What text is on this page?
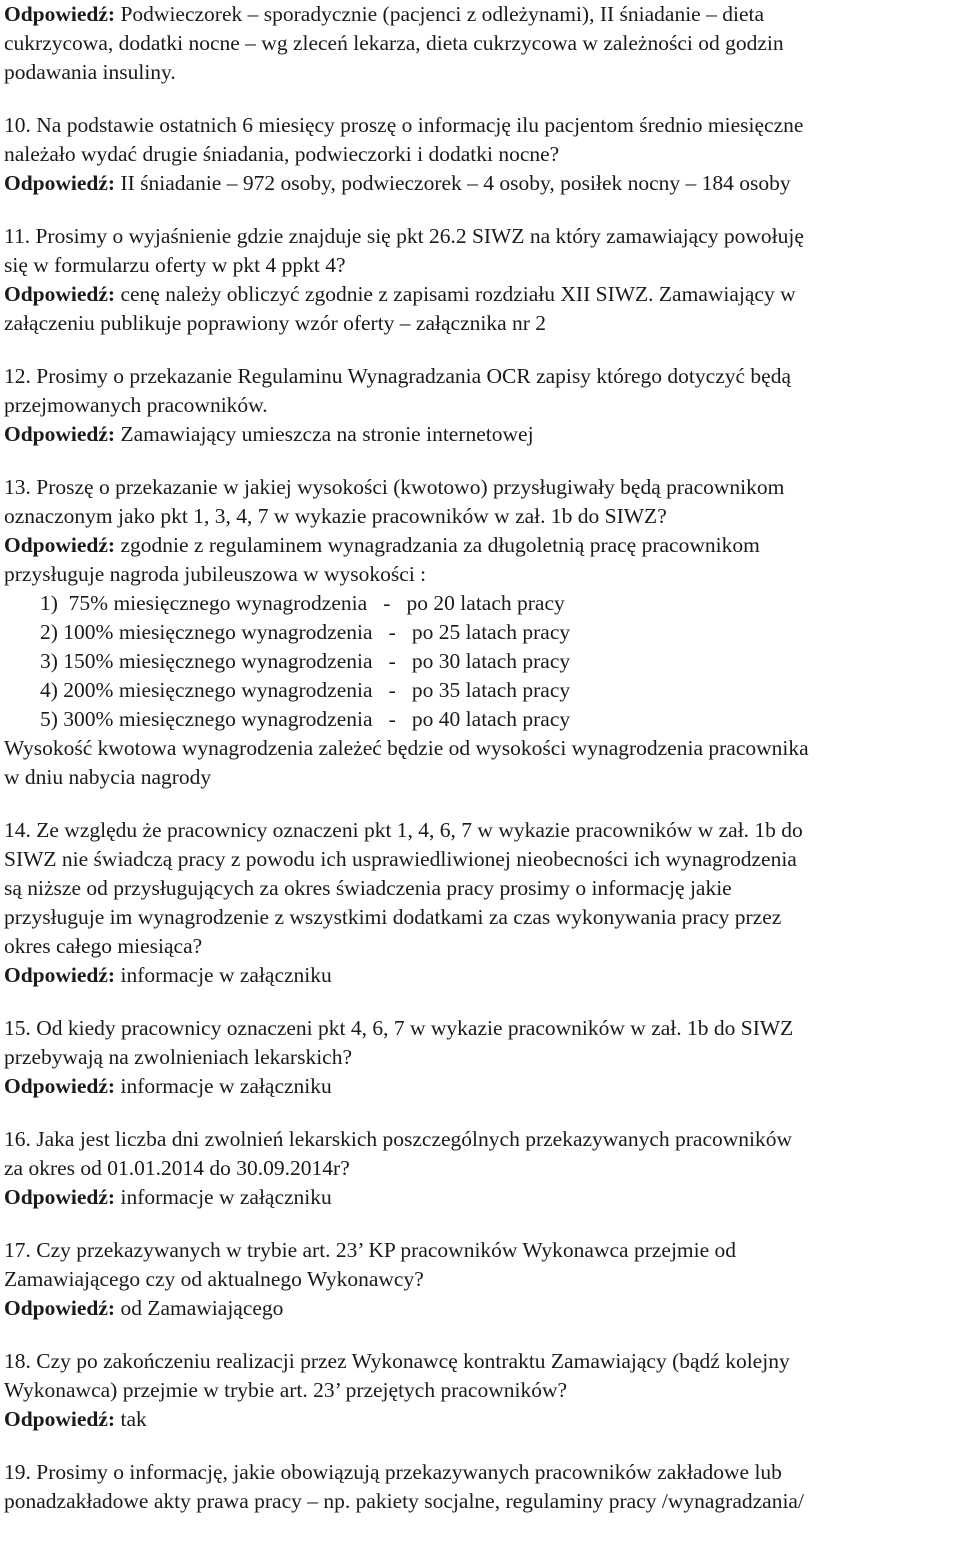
Odpowiedź: Podwieczorek – sporadycznie (pacjenci z odleżynami), II śniadanie – dieta
cukrzycowa, dodatki nocne – wg zleceń lekarza, dieta cukrzycowa w zależności od godzin
podawania insuliny.
10. Na podstawie ostatnich 6 miesięcy proszę o informację ilu pacjentom średnio miesięczne
należało wydać drugie śniadania, podwieczorki i dodatki nocne?
Odpowiedź: II śniadanie – 972 osoby, podwieczorek – 4 osoby, posiłek nocny – 184 osoby
11. Prosimy o wyjaśnienie gdzie znajduje się pkt 26.2 SIWZ na który zamawiający powołuję
się w formularzu oferty w pkt 4 ppkt 4?
Odpowiedź: cenę należy obliczyć zgodnie z zapisami rozdziału XII SIWZ. Zamawiający w
załączeniu publikuje poprawiony wzór oferty – załącznika nr 2
12. Prosimy o przekazanie Regulaminu Wynagradzania OCR zapisy którego dotyczyć będą
przejmowanych pracowników.
Odpowiedź: Zamawiający umieszcza na stronie internetowej
13. Proszę o przekazanie w jakiej wysokości (kwotowo) przysługiwały będą pracownikom
oznaczonym jako pkt 1, 3, 4, 7 w wykazie pracowników w zał. 1b do SIWZ?
Odpowiedź: zgodnie z regulaminem wynagradzania za długoletnią pracę pracownikom
przysługuje nagroda jubileuszowa w wysokości :
1)  75% miesięcznego wynagrodzenia   -   po 20 latach pracy
2) 100% miesięcznego wynagrodzenia   -   po 25 latach pracy
3) 150% miesięcznego wynagrodzenia   -   po 30 latach pracy
4) 200% miesięcznego wynagrodzenia   -   po 35 latach pracy
5) 300% miesięcznego wynagrodzenia   -   po 40 latach pracy
Wysokość kwotowa wynagrodzenia zależeć będzie od wysokości wynagrodzenia pracownika
w dniu nabycia nagrody
14. Ze względu że pracownicy oznaczeni pkt 1, 4, 6, 7 w wykazie pracowników w zał. 1b do
SIWZ nie świadczą pracy z powodu ich usprawiedliwionej nieobecności ich wynagrodzenia
są niższe od przysługujących za okres świadczenia pracy prosimy o informację jakie
przysługuje im wynagrodzenie z wszystkimi dodatkami za czas wykonywania pracy przez
okres całego miesiąca?
Odpowiedź: informacje w załączniku
15. Od kiedy pracownicy oznaczeni pkt 4, 6, 7 w wykazie pracowników w zał. 1b do SIWZ
przebywają na zwolnieniach lekarskich?
Odpowiedź: informacje w załączniku
16. Jaka jest liczba dni zwolnień lekarskich poszczególnych przekazywanych pracowników
za okres od 01.01.2014 do 30.09.2014r?
Odpowiedź: informacje w załączniku
17. Czy przekazywanych w trybie art. 23’ KP pracowników Wykonawca przejmie od
Zamawiającego czy od aktualnego Wykonawcy?
Odpowiedź: od Zamawiającego
18. Czy po zakończeniu realizacji przez Wykonawcę kontraktu Zamawiający (bądź kolejny
Wykonawca) przejmie w trybie art. 23’ przejętych pracowników?
Odpowiedź: tak
19. Prosimy o informację, jakie obowiązują przekazywanych pracowników zakładowe lub
ponadzakładowe akty prawa pracy – np. pakiety socjalne, regulaminy pracy /wynagradzania/
